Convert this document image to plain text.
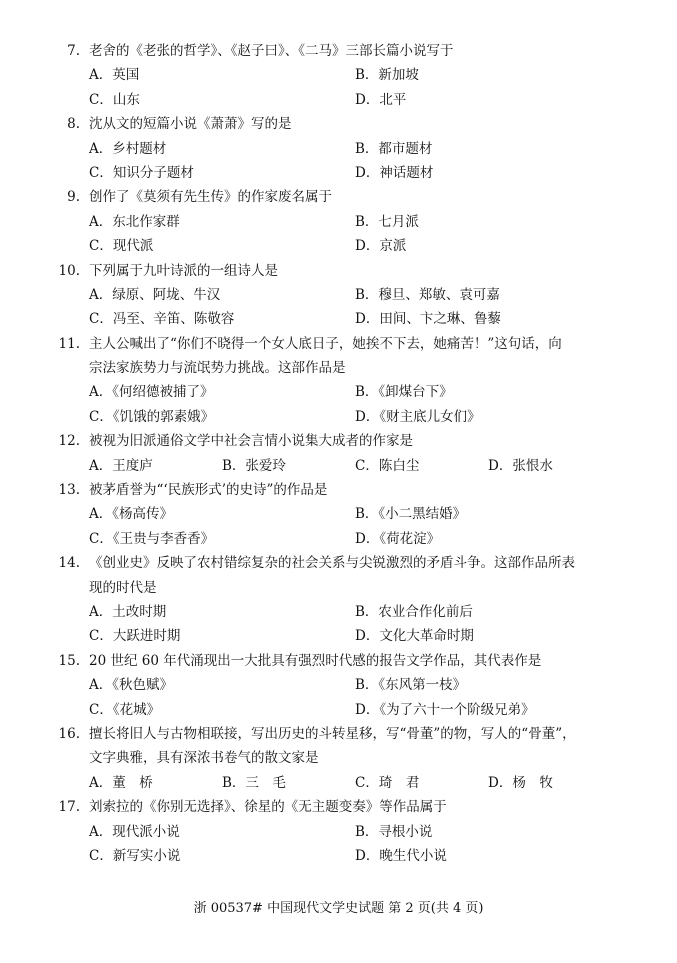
7. 老舍的《老张的哲学》、《赵子曰》、《二马》三部长篇小说写于
A．英国	B．新加坡
C．山东	D．北平
8. 沈从文的短篇小说《萧萧》写的是
A．乡村题材	B．都市题材
C．知识分子题材	D．神话题材
9. 创作了《莫须有先生传》的作家废名属于
A．东北作家群	B．七月派
C．现代派	D．京派
10. 下列属于九叶诗派的一组诗人是
A．绿原、阿垅、牛汉	B．穆旦、郑敏、袁可嘉
C．冯至、辛笛、陈敬容	D．田间、卞之琳、鲁藜
11. 主人公喊出了“你们不晓得一个女人底日子，她挨不下去，她痛苦！”这句话，向
宗法家族势力与流氓势力挑战。这部作品是
A．《何绍德被捕了》	B．《卸煤台下》
C．《饥饿的郭素娥》	D．《财主底儿女们》
12. 被视为旧派通俗文学中社会言情小说集大成者的作家是
A．王度庐	B．张爱玲	C．陈白尘	D．张恨水
13. 被茅盾誉为“‘民族形式’的史诗”的作品是
A．《杨高传》	B．《小二黑结婚》
C．《王贵与李香香》	D．《荷花淀》
14. 《创业史》反映了农村错综复杂的社会关系与尖锐激烈的矛盾斗争。这部作品所表
现的时代是
A．土改时期	B．农业合作化前后
C．大跃进时期	D．文化大革命时期
15. 20 世纪 60 年代涌现出一大批具有强烈时代感的报告文学作品，其代表作是
A．《秋色赋》	B．《东风第一枝》
C．《花城》	D．《为了六十一个阶级兄弟》
16. 擅长将旧人与古物相联接，写出历史的斗转星移，写“骨董”的物，写人的“骨董”，
文字典雅，具有深浓书卷气的散文家是
A．董　桥	B．三　毛	C．琦　君	D．杨　牧
17. 刘索拉的《你别无选择》、徐星的《无主题变奏》等作品属于
A．现代派小说	B．寻根小说
C．新写实小说	D．晚生代小说
浙 00537# 中国现代文学史试题 第 2 页(共 4 页)
